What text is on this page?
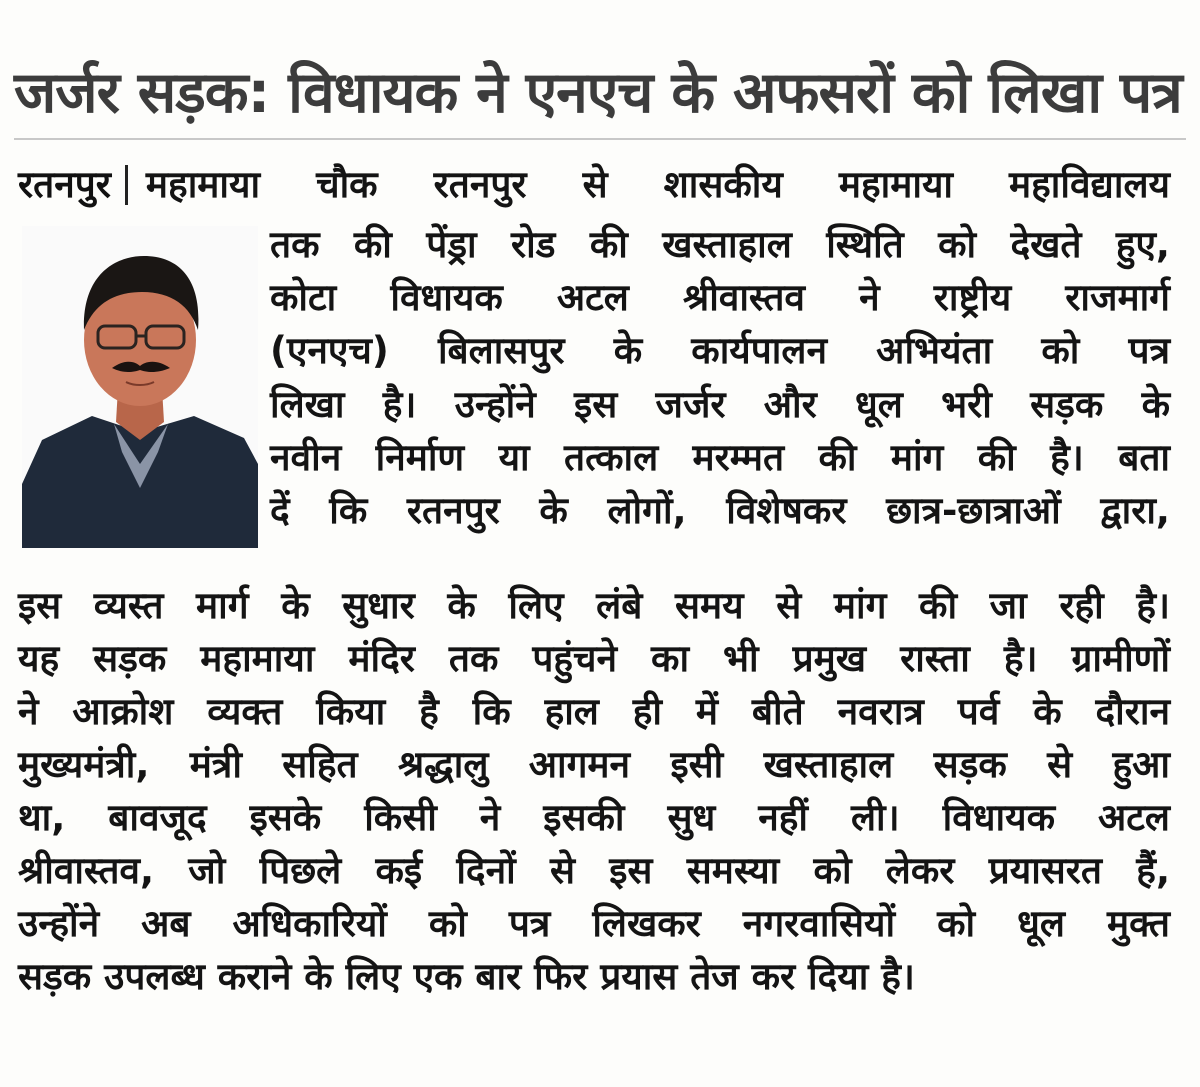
जर्जर सड़क: विधायक ने एनएच के अफसरों को लिखा पत्र

रतनपुर महामाया चौक रतनपुर से शासकीय महामाया महाविद्यालय

तक की पेंड्रा रोड की खस्ताहाल स्थिति को देखते हुए,

कोटा विधायक अटल श्रीवास्तव ने राष्ट्रीय राजमार्ग

(एनएच) बिलासपुर के कार्यपालन अभियंता को पत्र

लिखा है। उन्होंने इस जर्जर और धूल भरी सड़क के

नवीन निर्माण या तत्काल मरम्मत की मांग की है। बता

दें कि रतनपुर के लोगों, विशेषकर छात्र-छात्राओं द्वारा,

इस व्यस्त मार्ग के सुधार के लिए लंबे समय से मांग की जा रही है।

यह सड़क महामाया मंदिर तक पहुंचने का भी प्रमुख रास्ता है। ग्रामीणों

ने आक्रोश व्यक्त किया है कि हाल ही में बीते नवरात्र पर्व के दौरान

मुख्यमंत्री, मंत्री सहित श्रद्धालु आगमन इसी खस्ताहाल सड़क से हुआ

था, बावजूद इसके किसी ने इसकी सुध नहीं ली। विधायक अटल

श्रीवास्तव, जो पिछले कई दिनों से इस समस्या को लेकर प्रयासरत हैं,

उन्होंने अब अधिकारियों को पत्र लिखकर नगरवासियों को धूल मुक्त

सड़क उपलब्ध कराने के लिए एक बार फिर प्रयास तेज कर दिया है।
